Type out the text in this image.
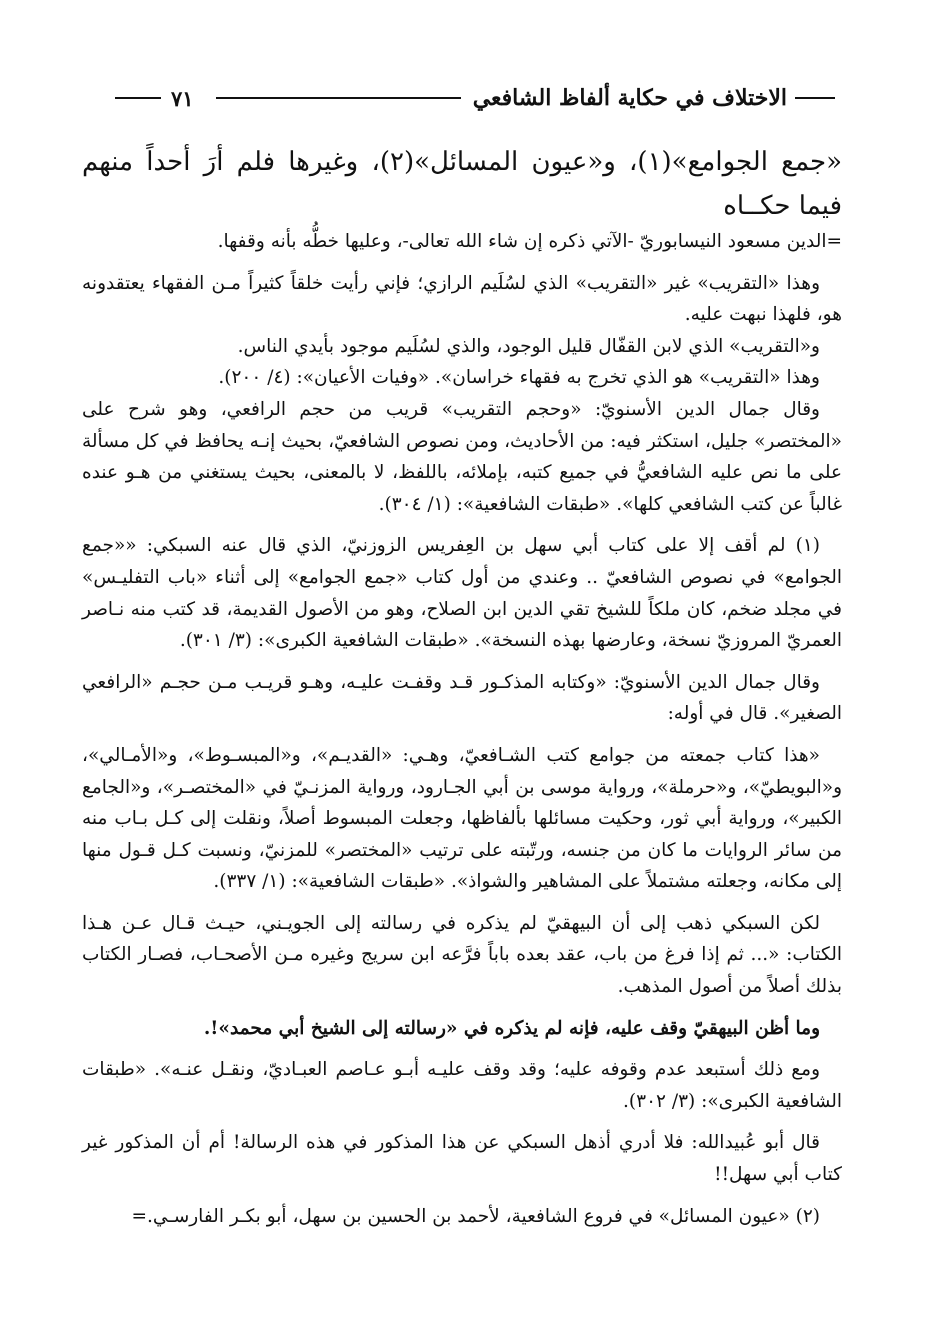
الاختلاف في حكاية ألفاظ الشافعي
٧١
«جمع الجوامع»(١)، و«عيون المسائل»(٢)، وغيرها فلم أرَ أحداً منهم فيما حكــاه

=الدين مسعود النيسابوريّ -الآتي ذكره إن شاء الله تعالى-، وعليها خطُّه بأنه وقفها.

وهذا «التقريب» غير «التقريب» الذي لسُلَيم الرازي؛ فإني رأيت خلقاً كثيراً مـن الفقهاء يعتقدونه هو، فلهذا نبهت عليه.

و«التقريب» الذي لابن القفّال قليل الوجود، والذي لسُلَيم موجود بأيدي الناس.

وهذا «التقريب» هو الذي تخرج به فقهاء خراسان». «وفيات الأعيان»: (٤/ ٢٠٠).

وقال جمال الدين الأسنويّ: «وحجم التقريب» قريب من حجم الرافعي، وهو شرح على «المختصر» جليل، استكثر فيه: من الأحاديث، ومن نصوص الشافعيّ، بحيث إنـه يحافظ في كل مسألة على ما نص عليه الشافعيُّ في جميع كتبه، بإملائه، باللفظ، لا بالمعنى، بحيث يستغني من هـو عنده غالباً عن كتب الشافعي كلها». «طبقات الشافعية»: (١/ ٣٠٤).

(١) لم أقف إلا على كتاب أبي سهل بن العِفريس الزوزنيّ، الذي قال عنه السبكي: ««جمع الجوامع» في نصوص الشافعيّ .. وعندي من أول كتاب «جمع الجوامع» إلى أثناء «باب التفليـس» في مجلد ضخم، كان ملكاً للشيخ تقي الدين ابن الصلاح، وهو من الأصول القديمة، قد كتب منه نـاصر العمريّ المروزيّ نسخة، وعارضها بهذه النسخة». «طبقات الشافعية الكبرى»: (٣/ ٣٠١).

وقال جمال الدين الأسنويّ: «وكتابه المذكـور قـد وقفـت عليـه، وهـو قريـب مـن حجـم «الرافعي الصغير». قال في أوله:

«هذا كتاب جمعته من جوامع كتب الشـافعيّ، وهـي: «القديـم»، و«المبسـوط»، و«الأمـالي»، و«البويطيّ»، و«حرملة»، ورواية موسى بن أبي الجـارود، ورواية المزنـيّ في «المختصـر»، و«الجامع الكبير»، ورواية أبي ثور، وحكيت مسائلها بألفاظها، وجعلت المبسوط أصلاً، ونقلت إلى كـل بـاب منه من سائر الروايات ما كان من جنسه، ورتّبته على ترتيب «المختصر» للمزنيّ، ونسبت كـل قـول منها إلى مكانه، وجعلته مشتملاً على المشاهير والشواذ». «طبقات الشافعية»: (١/ ٣٣٧).

لكن السبكي ذهب إلى أن البيهقيّ لم يذكره في رسالته إلى الجويـني، حيـث قـال عـن هـذا الكتاب: «... ثم إذا فرغ من باب، عقد بعده باباً فرَّعه ابن سريج وغيره مـن الأصحـاب، فصـار الكتاب بذلك أصلاً من أصول المذهب.

وما أظن البيهقيّ وقف عليه، فإنه لم يذكره في «رسالته إلى الشيخ أبي محمد»!.

ومع ذلك أستبعد عدم وقوفه عليه؛ وقد وقف عليـه أبـو عـاصم العبـاديّ، ونقـل عنـه». «طبقات الشافعية الكبرى»: (٣/ ٣٠٢).

قال أبو عُبيدالله: فلا أدري أذهل السبكي عن هذا المذكور في هذه الرسالة! أم أن المذكور غير كتاب أبي سهل!!

(٢) «عيون المسائل» في فروع الشافعية، لأحمد بن الحسين بن سهل، أبو بكـر الفارسـي.=
